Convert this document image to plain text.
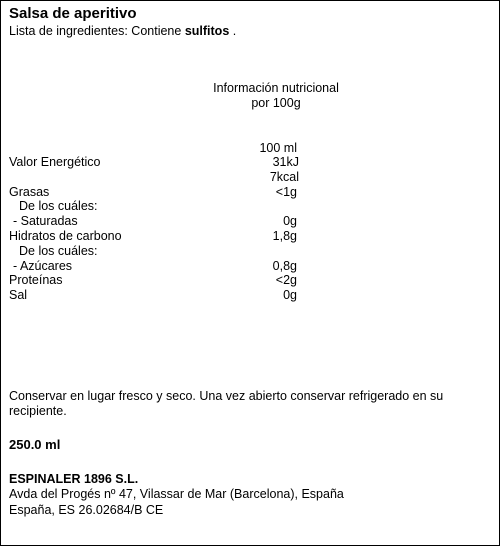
Salsa de aperitivo
Lista de ingredientes: Contiene sulfitos .
Información nutricional
por 100g
100 ml
Valor Energético	31kJ
7kcal
Grasas	<1g
De los cuáles:
- Saturadas	0g
Hidratos de carbono	1,8g
De los cuáles:
- Azúcares	0,8g
Proteínas	<2g
Sal	0g
Conservar en lugar fresco y seco. Una vez abierto conservar refrigerado en su
recipiente.
250.0 ml
ESPINALER 1896 S.L.
Avda del Progés nº 47, Vilassar de Mar (Barcelona), España
España, ES 26.02684/B CE
